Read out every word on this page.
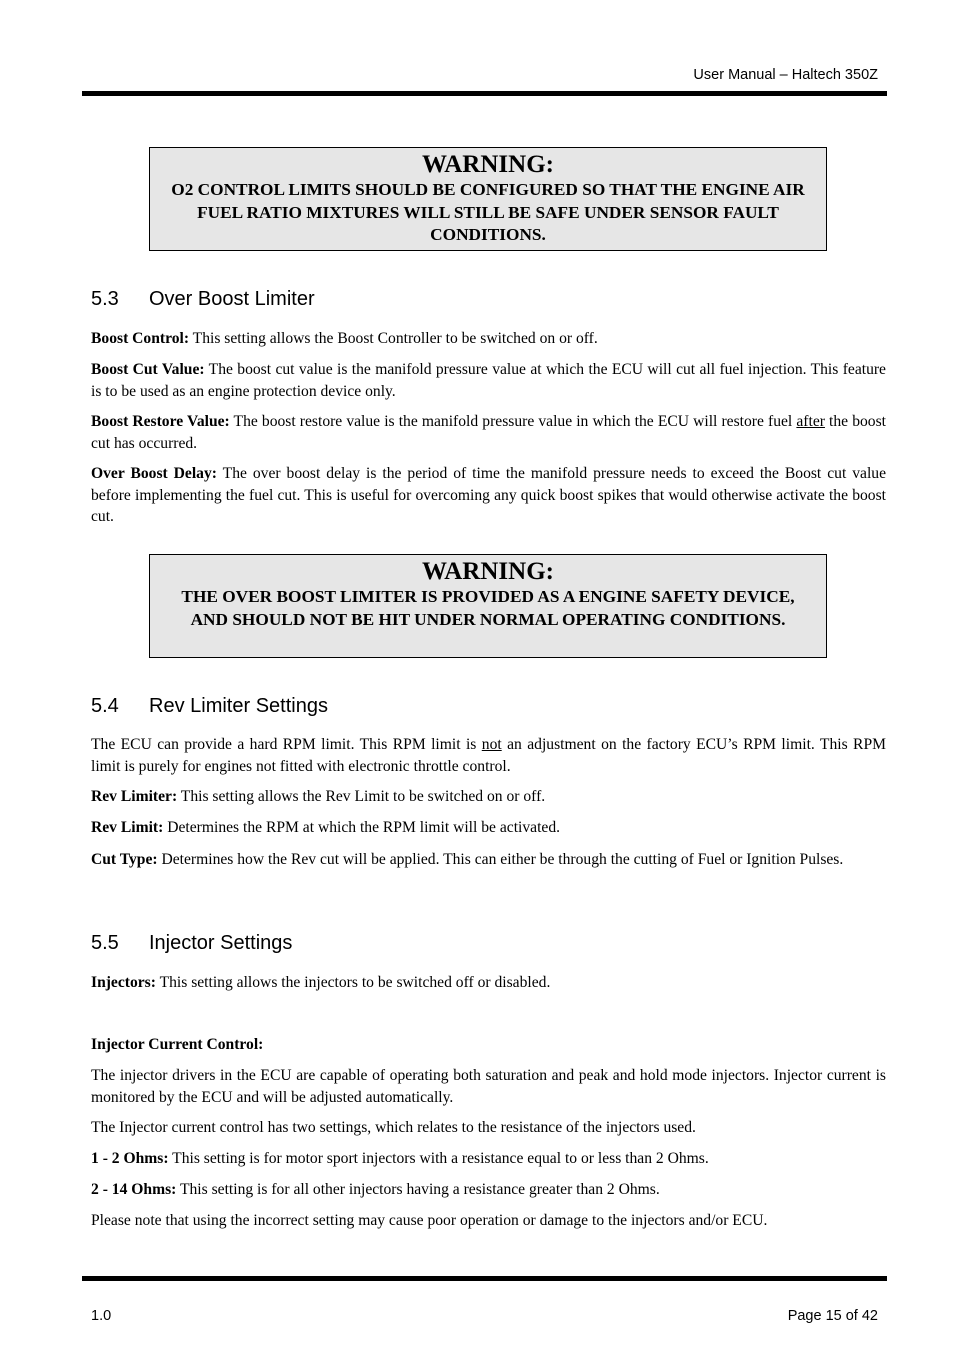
User Manual – Haltech 350Z
WARNING:
O2 CONTROL LIMITS SHOULD BE CONFIGURED SO THAT THE ENGINE AIR FUEL RATIO MIXTURES WILL STILL BE SAFE UNDER SENSOR FAULT CONDITIONS.
5.3 Over Boost Limiter
Boost Control: This setting allows the Boost Controller to be switched on or off.
Boost Cut Value: The boost cut value is the manifold pressure value at which the ECU will cut all fuel injection. This feature is to be used as an engine protection device only.
Boost Restore Value: The boost restore value is the manifold pressure value in which the ECU will restore fuel after the boost cut has occurred.
Over Boost Delay: The over boost delay is the period of time the manifold pressure needs to exceed the Boost cut value before implementing the fuel cut. This is useful for overcoming any quick boost spikes that would otherwise activate the boost cut.
WARNING:
THE OVER BOOST LIMITER IS PROVIDED AS A ENGINE SAFETY DEVICE, AND SHOULD NOT BE HIT UNDER NORMAL OPERATING CONDITIONS.
5.4 Rev Limiter Settings
The ECU can provide a hard RPM limit. This RPM limit is not an adjustment on the factory ECU’s RPM limit. This RPM limit is purely for engines not fitted with electronic throttle control.
Rev Limiter: This setting allows the Rev Limit to be switched on or off.
Rev Limit: Determines the RPM at which the RPM limit will be activated.
Cut Type: Determines how the Rev cut will be applied. This can either be through the cutting of Fuel or Ignition Pulses.
5.5 Injector Settings
Injectors: This setting allows the injectors to be switched off or disabled.
Injector Current Control:
The injector drivers in the ECU are capable of operating both saturation and peak and hold mode injectors. Injector current is monitored by the ECU and will be adjusted automatically.
The Injector current control has two settings, which relates to the resistance of the injectors used.
1 - 2 Ohms: This setting is for motor sport injectors with a resistance equal to or less than 2 Ohms.
2 - 14 Ohms: This setting is for all other injectors having a resistance greater than 2 Ohms.
Please note that using the incorrect setting may cause poor operation or damage to the injectors and/or ECU.
1.0	Page 15 of 42
